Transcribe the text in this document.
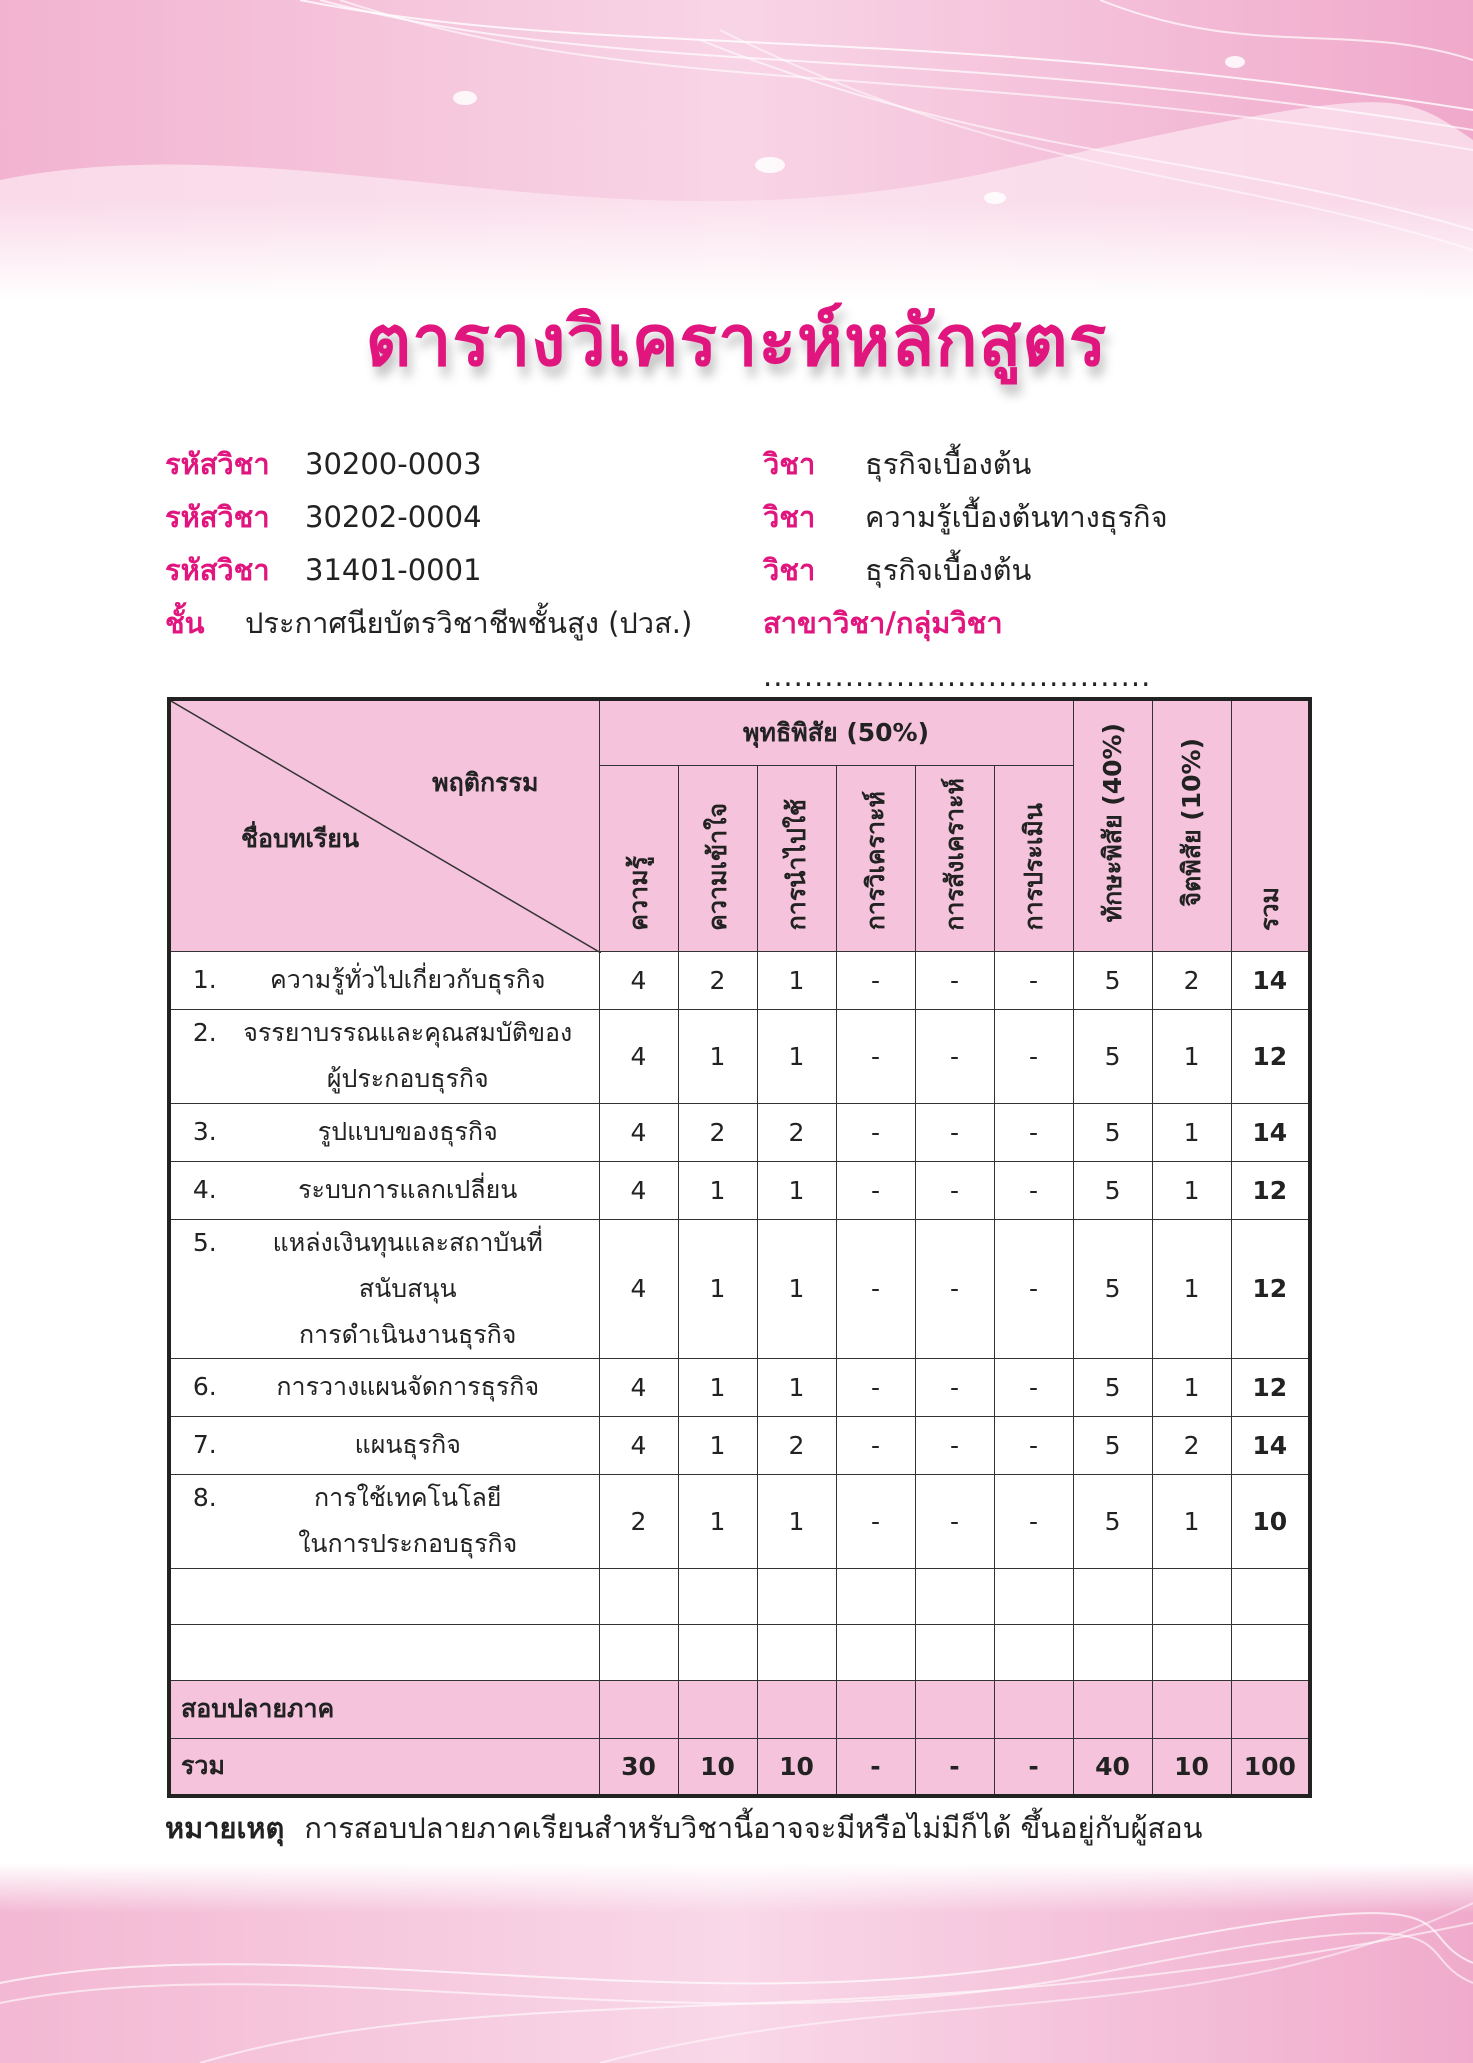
ตารางวิเคราะห์หลักสูตร
รหัสวิชา 30200-0003
รหัสวิชา 30202-0004
รหัสวิชา 31401-0001
ชั้น ประกาศนียบัตรวิชาชีพชั้นสูง (ปวส.)
วิชา ธุรกิจเบื้องต้น
วิชา ความรู้เบื้องต้นทางธุรกิจ
วิชา ธุรกิจเบื้องต้น
สาขาวิชา/กลุ่มวิชา......................................
พฤติกรรม
ชื่อบทเรียน	พุทธิพิสัย (50%)						ทักษะพิสัย (40%)	จิตพิสัย (10%)	รวม
	ความรู้	ความเข้าใจ	การนำไปใช้	การวิเคราะห์	การสังเคราะห์	การประเมิน			
1. ความรู้ทั่วไปเกี่ยวกับธุรกิจ	4	2	1	-	-	-	5	2	14
2. จรรยาบรรณและคุณสมบัติของ
ผู้ประกอบธุรกิจ	4	1	1	-	-	-	5	1	12
3. รูปแบบของธุรกิจ	4	2	2	-	-	-	5	1	14
4. ระบบการแลกเปลี่ยน	4	1	1	-	-	-	5	1	12
5. แหล่งเงินทุนและสถาบันที่สนับสนุน
การดำเนินงานธุรกิจ	4	1	1	-	-	-	5	1	12
6. การวางแผนจัดการธุรกิจ	4	1	1	-	-	-	5	1	12
7. แผนธุรกิจ	4	1	2	-	-	-	5	2	14
8. การใช้เทคโนโลยี
ในการประกอบธุรกิจ	2	1	1	-	-	-	5	1	10

สอบปลายภาค									
รวม	30	10	10	-	-	-	40	10	100
หมายเหตุ การสอบปลายภาคเรียนสำหรับวิชานี้อาจจะมีหรือไม่มีก็ได้ ขึ้นอยู่กับผู้สอน
